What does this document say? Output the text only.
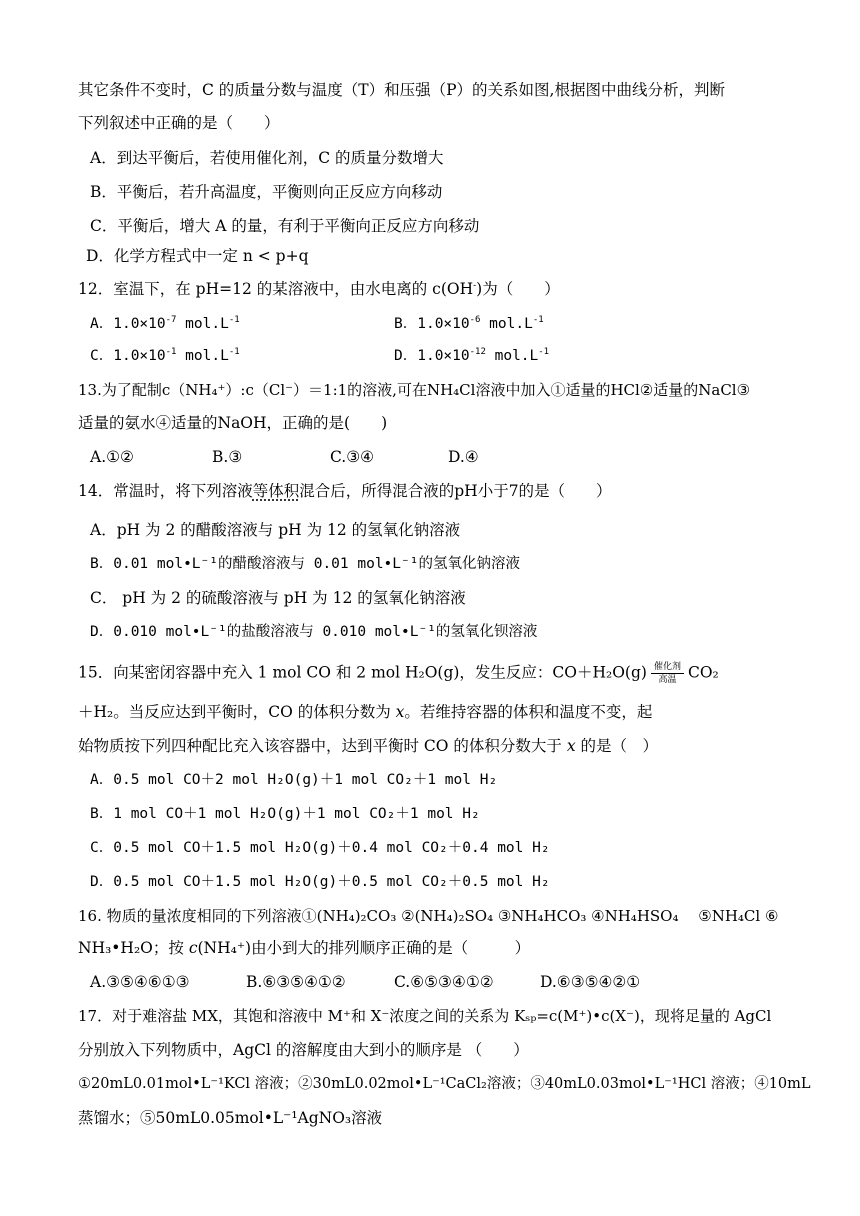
其它条件不变时，C 的质量分数与温度（T）和压强（P）的关系如图,根据图中曲线分析，判断
下列叙述中正确的是（　　）
A．到达平衡后，若使用催化剂，C 的质量分数增大
B．平衡后，若升高温度，平衡则向正反应方向移动
C．平衡后，增大 A 的量，有利于平衡向正反应方向移动
D．化学方程式中一定 n < p+q
12．室温下，在 pH=12 的某溶液中，由水电离的 c(OH-)为（　　）
A．$1.0\times 10^{-7}$ $mol.L^{-1}$	B．$1.0\times 10^{-6}$ $mol.L^{-1}$
C．$1.0\times 10^{-1}$ $mol.L^{-1}$	D．$1.0\times 10^{-12}$ $mol.L^{-1}$
13.为了配制c（NH₄⁺）:c（Cl⁻）＝1:1的溶液,可在NH₄Cl溶液中加入①适量的HCl②适量的NaCl③
适量的氨水④适量的NaOH，正确的是(　　)
A.①②	B.③	C.③④	D.④
14．常温时，将下列溶液等体积混合后，所得混合液的pH小于7的是（　　）
A．pH 为 2 的醋酸溶液与 pH 为 12 的氢氧化钠溶液
B．0.01 mol•L⁻¹的醋酸溶液与 0.01 mol•L⁻¹的氢氧化钠溶液
C． pH 为 2 的硫酸溶液与 pH 为 12 的氢氧化钠溶液
D．0.010 mol•L⁻¹的盐酸溶液与 0.010 mol•L⁻¹的氢氧化钡溶液
15．向某密闭容器中充入 1 mol CO 和 2 mol H₂O(g)，发生反应：$CO+H_2O(g) \frac{\text{催化剂}}{\text{高温}} CO_2$
＋H₂。当反应达到平衡时，CO 的体积分数为 x。若维持容器的体积和温度不变，起
始物质按下列四种配比充入该容器中，达到平衡时 CO 的体积分数大于 x 的是（　）
A．0.5 mol CO＋2 mol H₂O(g)＋1 mol CO₂＋1 mol H₂
B．1 mol CO＋1 mol H₂O(g)＋1 mol CO₂＋1 mol H₂
C．0.5 mol CO＋1.5 mol H₂O(g)＋0.4 mol CO₂＋0.4 mol H₂
D．0.5 mol CO＋1.5 mol H₂O(g)＋0.5 mol CO₂＋0.5 mol H₂
16. 物质的量浓度相同的下列溶液①(NH₄)₂CO₃ ②(NH₄)₂SO₄ ③NH₄HCO₃ ④NH₄HSO₄　 ⑤NH₄Cl ⑥
NH₃•H₂O；按 c(NH₄⁺)由小到大的排列顺序正确的是（　　　）
A.③⑤④⑥①③	B.⑥③⑤④①②	C.⑥⑤③④①②	D.⑥③⑤④②①
17．对于难溶盐 MX，其饱和溶液中 M⁺和 X⁻浓度之间的关系为 Kₛₚ=c(M⁺)•c(X⁻)，现将足量的 AgCl
分别放入下列物质中，AgCl 的溶解度由大到小的顺序是 （　　）
①20mL0.01mol•L⁻¹KCl 溶液；②30mL0.02mol•L⁻¹CaCl₂溶液；③40mL0.03mol•L⁻¹HCl 溶液；④10mL
蒸馏水；⑤50mL0.05mol•L⁻¹AgNO₃溶液
